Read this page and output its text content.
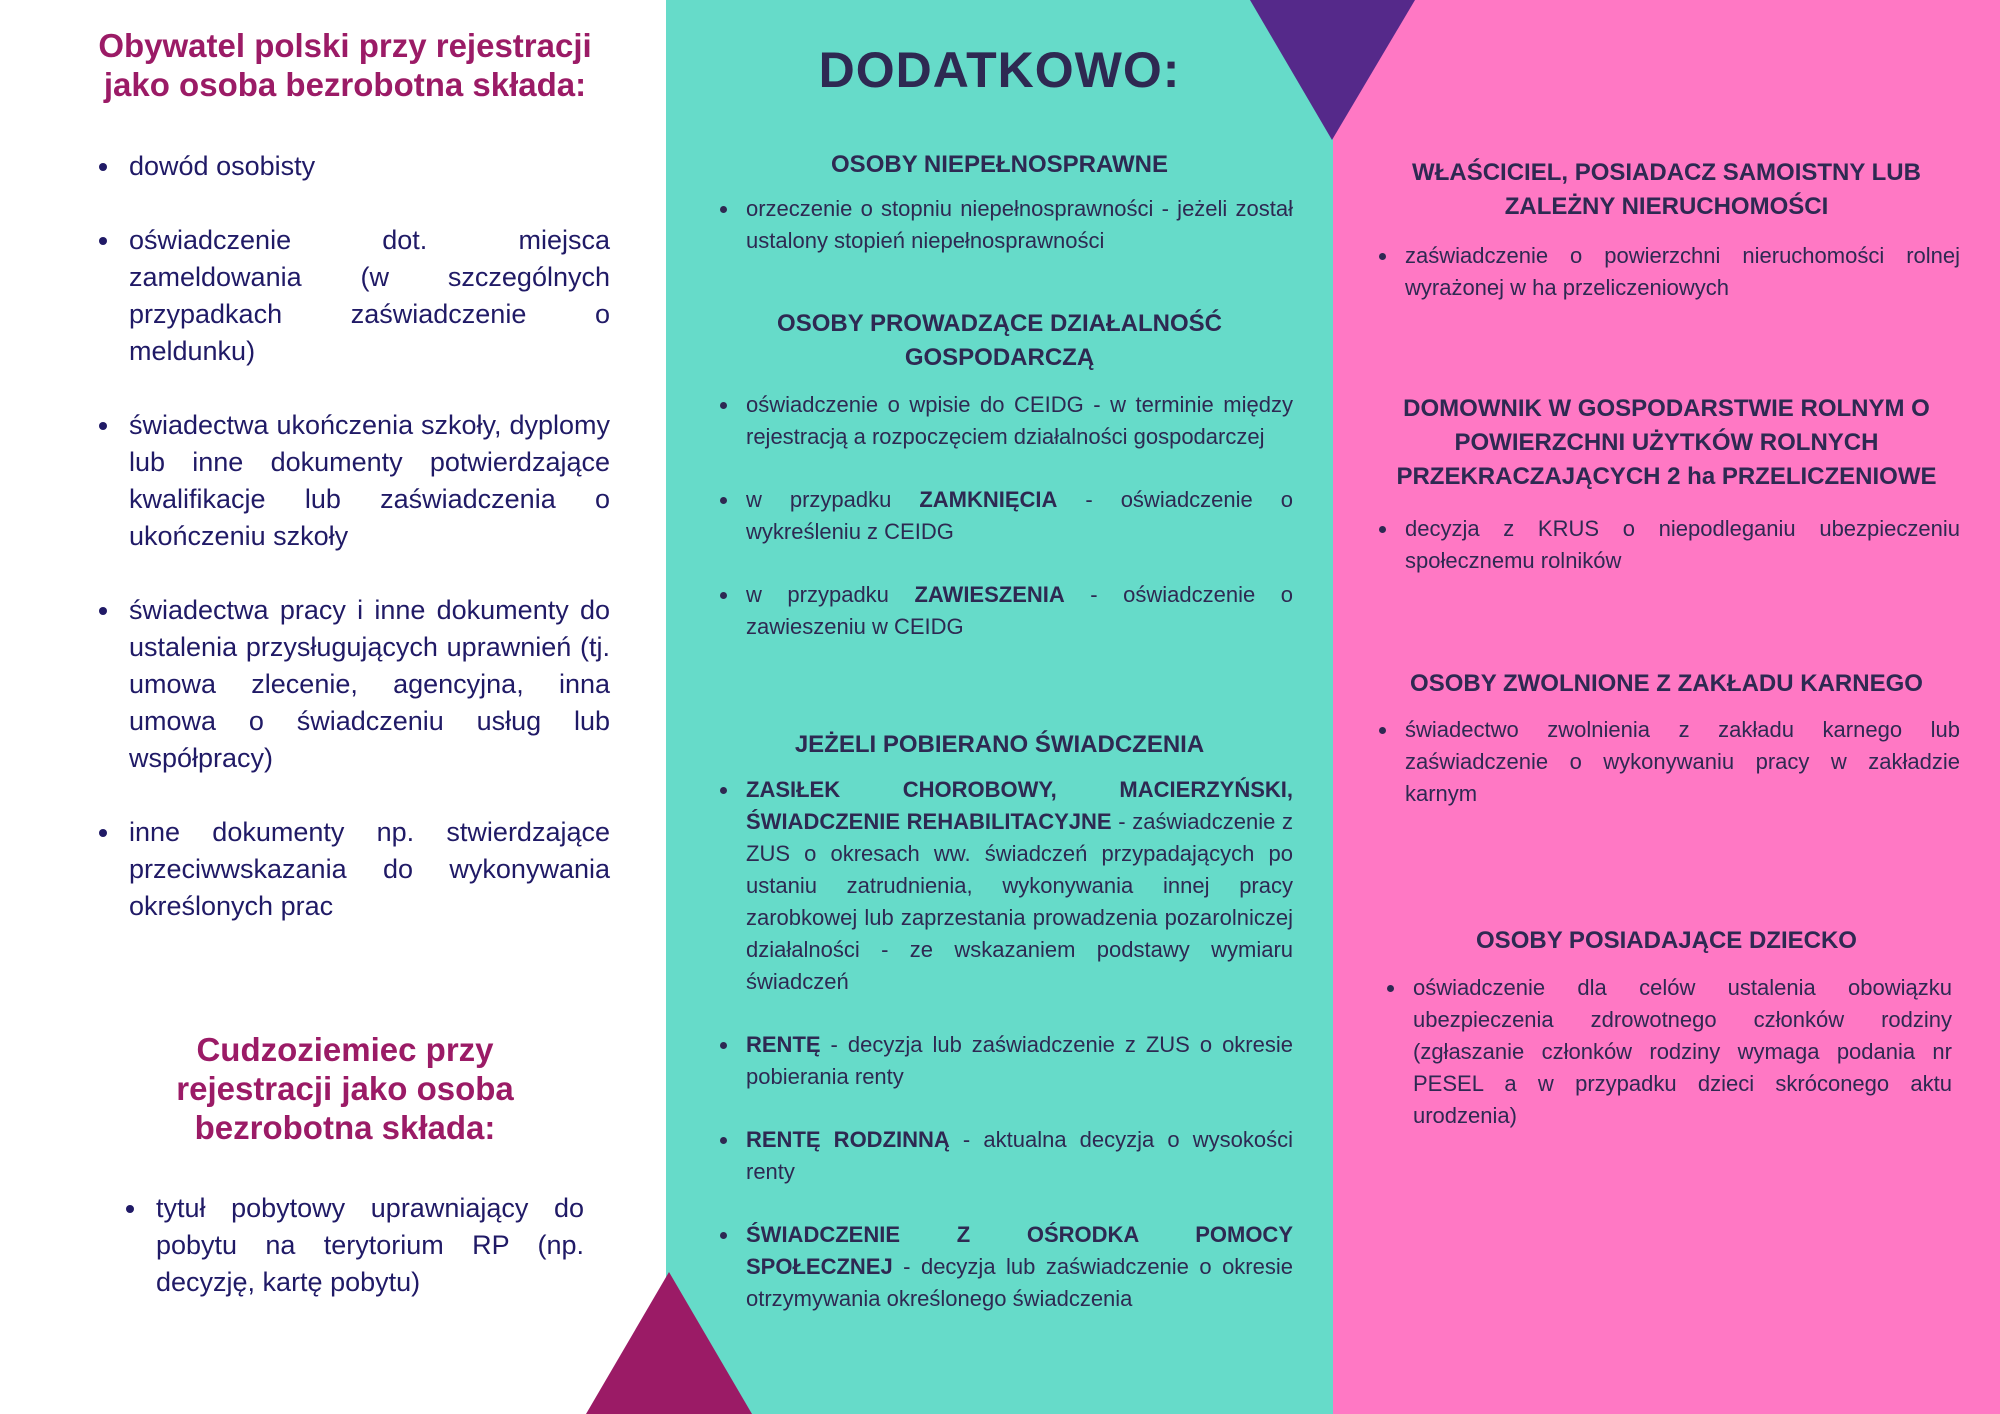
Obywatel polski przy rejestracji jako osoba bezrobotna składa:
dowód osobisty
oświadczenie dot. miejsca zameldowania (w szczególnych przypadkach zaświadczenie o meldunku)
świadectwa ukończenia szkoły, dyplomy lub inne dokumenty potwierdzające kwalifikacje lub zaświadczenia o ukończeniu szkoły
świadectwa pracy i inne dokumenty do ustalenia przysługujących uprawnień (tj. umowa zlecenie, agencyjna, inna umowa o świadczeniu usług lub współpracy)
inne dokumenty np. stwierdzające przeciwwskazania do wykonywania określonych prac
Cudzoziemiec przy rejestracji jako osoba bezrobotna składa:
tytuł pobytowy uprawniający do pobytu na terytorium RP (np. decyzję, kartę pobytu)
DODATKOWO:
OSOBY NIEPEŁNOSPRAWNE
orzeczenie o stopniu niepełnosprawności - jeżeli został ustalony stopień niepełnosprawności
OSOBY PROWADZĄCE DZIAŁALNOŚĆ GOSPODARCZĄ
oświadczenie o wpisie do CEIDG - w terminie między rejestracją a rozpoczęciem działalności gospodarczej
w przypadku ZAMKNIĘCIA - oświadczenie o wykreśleniu z CEIDG
w przypadku ZAWIESZENIA - oświadczenie o zawieszeniu w CEIDG
JEŻELI POBIERANO ŚWIADCZENIA
ZASIŁEK CHOROBOWY, MACIERZYŃSKI, ŚWIADCZENIE REHABILITACYJNE - zaświadczenie z ZUS o okresach ww. świadczeń przypadających po ustaniu zatrudnienia, wykonywania innej pracy zarobkowej lub zaprzestania prowadzenia pozarolniczej działalności - ze wskazaniem podstawy wymiaru świadczeń
RENTĘ - decyzja lub zaświadczenie z ZUS o okresie pobierania renty
RENTĘ RODZINNĄ - aktualna decyzja o wysokości renty
ŚWIADCZENIE Z OŚRODKA POMOCY SPOŁECZNEJ - decyzja lub zaświadczenie o okresie otrzymywania określonego świadczenia
WŁAŚCICIEL, POSIADACZ SAMOISTNY LUB ZALEŻNY NIERUCHOMOŚCI
zaświadczenie o powierzchni nieruchomości rolnej wyrażonej w ha przeliczeniowych
DOMOWNIK W GOSPODARSTWIE ROLNYM O POWIERZCHNI UŻYTKÓW ROLNYCH PRZEKRACZAJĄCYCH 2 ha PRZELICZENIOWE
decyzja z KRUS o niepodleganiu ubezpieczeniu społecznemu rolników
OSOBY ZWOLNIONE Z ZAKŁADU KARNEGO
świadectwo zwolnienia z zakładu karnego lub zaświadczenie o wykonywaniu pracy w zakładzie karnym
OSOBY POSIADAJĄCE DZIECKO
oświadczenie dla celów ustalenia obowiązku ubezpieczenia zdrowotnego członków rodziny (zgłaszanie członków rodziny wymaga podania nr PESEL a w przypadku dzieci skróconego aktu urodzenia)
